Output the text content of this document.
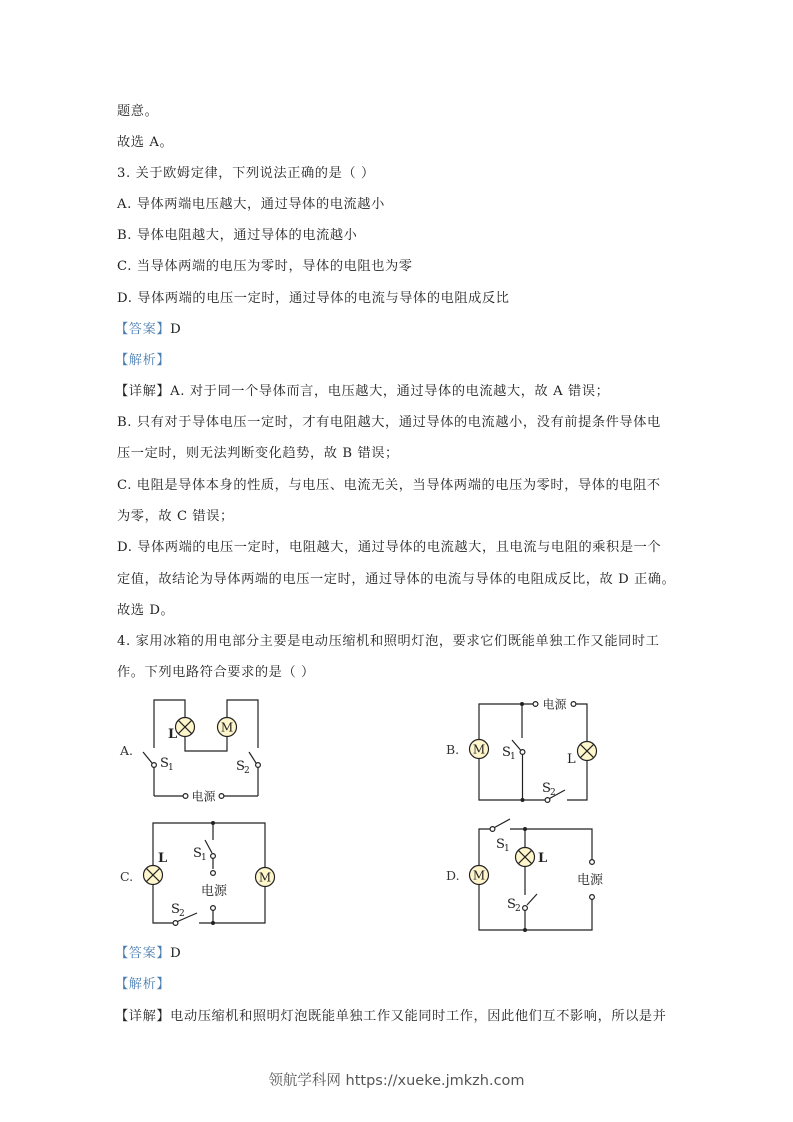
题意。
故选 A。
3. 关于欧姆定律，下列说法正确的是（ ）
A. 导体两端电压越大，通过导体的电流越小
B. 导体电阻越大，通过导体的电流越小
C. 当导体两端的电压为零时，导体的电阻也为零
D. 导体两端的电压一定时，通过导体的电流与导体的电阻成反比
【答案】D
【解析】
【详解】A. 对于同一个导体而言，电压越大，通过导体的电流越大，故 A 错误；
B. 只有对于导体电压一定时，才有电阻越大，通过导体的电流越小，没有前提条件导体电
压一定时，则无法判断变化趋势，故 B 错误；
C. 电阻是导体本身的性质，与电压、电流无关，当导体两端的电压为零时，导体的电阻不
为零，故 C 错误；
D. 导体两端的电压一定时，电阻越大，通过导体的电流越大，且电流与电阻的乘积是一个
定值，故结论为导体两端的电压一定时，通过导体的电流与导体的电阻成反比，故 D 正确。
故选 D。
4. 家用冰箱的用电部分主要是电动压缩机和照明灯泡，要求它们既能单独工作又能同时工
作。下列电路符合要求的是（ ）
A.	B.
C.	D.
M
L
S 1	S 2
电源
M
L
S 1
S 2
电源
L
M
S 1
S 2
电源
M
L
S 1
S 2
电源
【答案】D
【解析】
【详解】电动压缩机和照明灯泡既能单独工作又能同时工作，因此他们互不影响，所以是并
领航学科网 https://xueke.jmkzh.com
